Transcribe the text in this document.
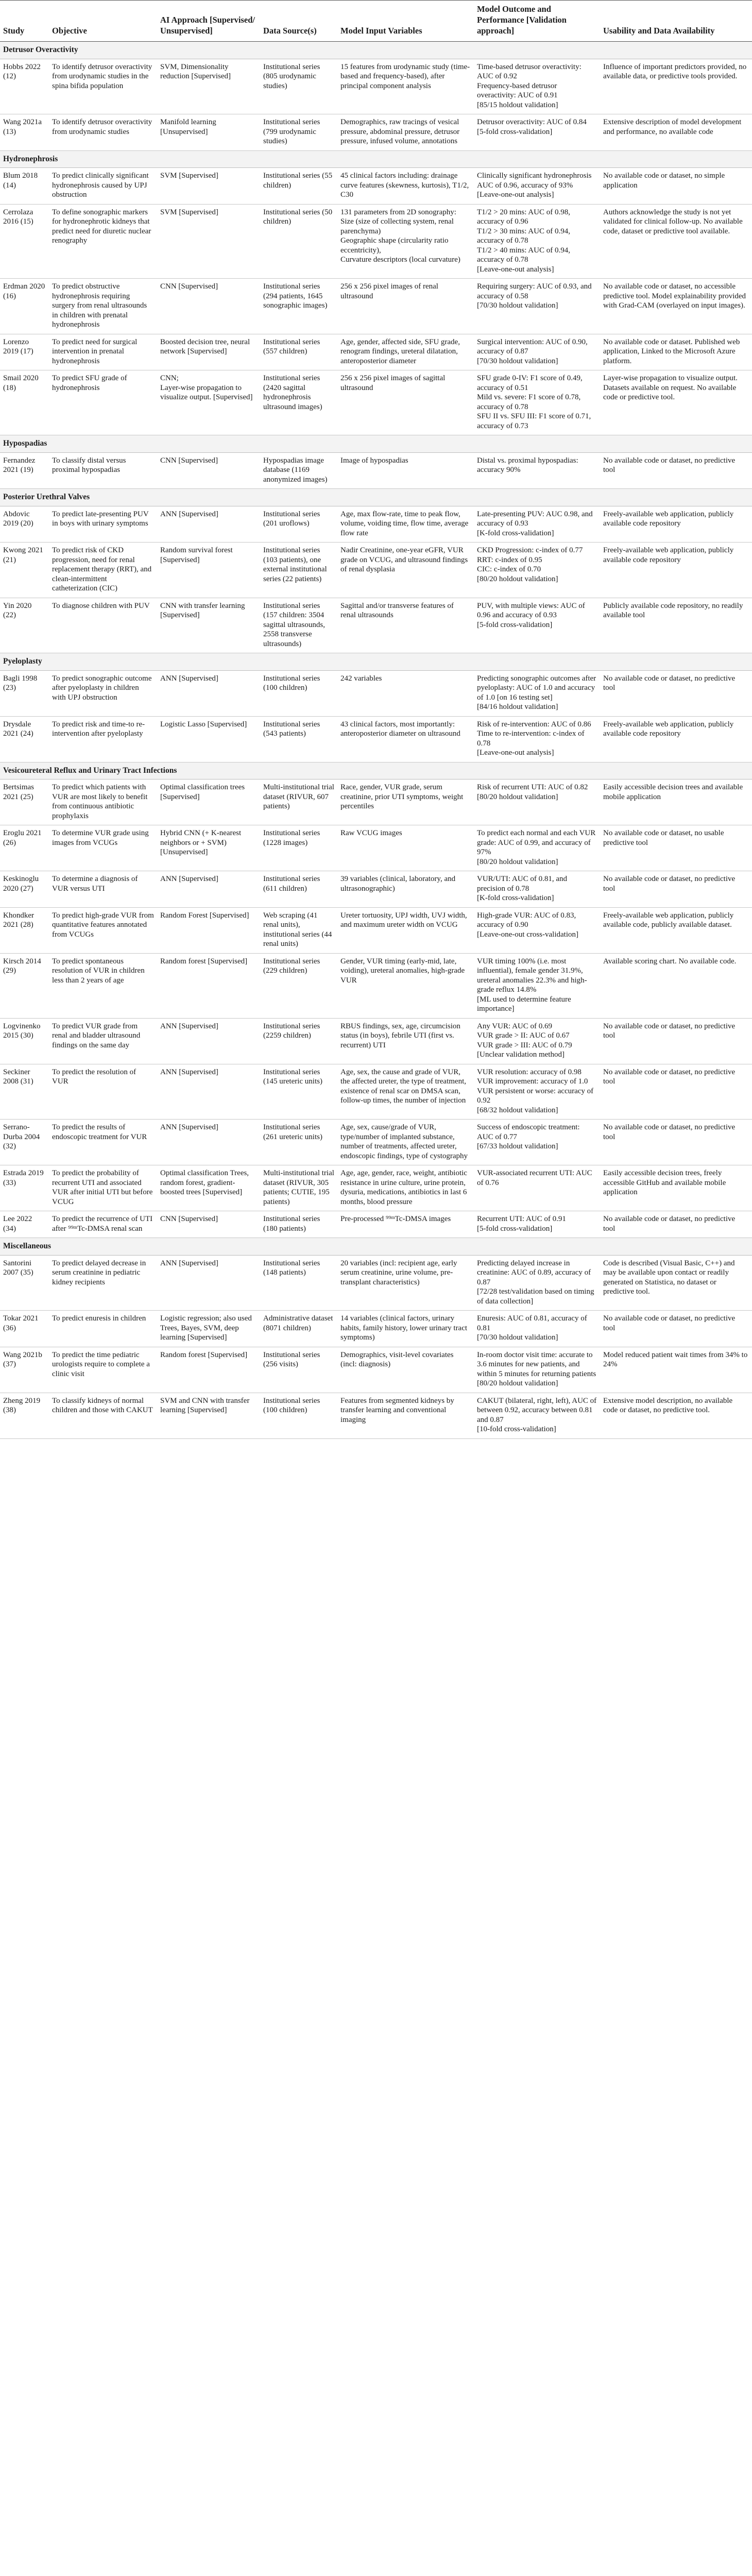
Study	Objective	AI Approach [Supervised/ Unsupervised]	Data Source(s)	Model Input Variables	Model Outcome and Performance [Validation approach]	Usability and Data Availability
Detrusor Overactivity						

Hobbs 2022 (12)	To identify detrusor overactivity from urodynamic studies in the spina bifida population	SVM, Dimensionality reduction [Supervised]	Institutional series (805 urodynamic studies)	15 features from urodynamic study (time-based and frequency-based), after principal component analysis	Time-based detrusor overactivity: AUC of 0.92
Frequency-based detrusor overactivity: AUC of 0.91
[85/15 holdout validation]	Influence of important predictors provided, no available data, or predictive tools provided.

Wang 2021a (13)	To identify detrusor overactivity from urodynamic studies	Manifold learning [Unsupervised]	Institutional series (799 urodynamic studies)	Demographics, raw tracings of vesical pressure, abdominal pressure, detrusor pressure, infused volume, annotations	Detrusor overactivity: AUC of 0.84
[5-fold cross-validation]	Extensive description of model development and performance, no available code

Hydronephrosis						

Blum 2018 (14)	To predict clinically significant hydronephrosis caused by UPJ obstruction	SVM [Supervised]	Institutional series (55 children)	45 clinical factors including: drainage curve features (skewness, kurtosis), T1/2, C30	Clinically significant hydronephrosis AUC of 0.96, accuracy of 93%
[Leave-one-out analysis]	No available code or dataset, no simple application

Cerrolaza 2016 (15)	To define sonographic markers for hydronephrotic kidneys that predict need for diuretic nuclear renography	SVM [Supervised]	Institutional series (50 children)	131 parameters from 2D sonography:
Size (size of collecting system, renal parenchyma)
Geographic shape (circularity ratio eccentricity),
Curvature descriptors (local curvature)	T1/2 > 20 mins: AUC of 0.98, accuracy of 0.96
T1/2 > 30 mins: AUC of 0.94, accuracy of 0.78
T1/2 > 40 mins: AUC of 0.94, accuracy of 0.78
[Leave-one-out analysis]	Authors acknowledge the study is not yet validated for clinical follow-up. No available code, dataset or predictive tool available.

Erdman 2020 (16)	To predict obstructive hydronephrosis requiring surgery from renal ultrasounds in children with prenatal hydronephrosis	CNN [Supervised]	Institutional series (294 patients, 1645 sonographic images)	256 x 256 pixel images of renal ultrasound	Requiring surgery: AUC of 0.93, and accuracy of 0.58
[70/30 holdout validation]	No available code or dataset, no accessible predictive tool. Model explainability provided with Grad-CAM (overlayed on input images).

Lorenzo 2019 (17)	To predict need for surgical intervention in prenatal hydronephrosis	Boosted decision tree, neural network [Supervised]	Institutional series (557 children)	Age, gender, affected side, SFU grade, renogram findings, ureteral dilatation, anteroposterior diameter	Surgical intervention: AUC of 0.90, accuracy of 0.87
[70/30 holdout validation]	No available code or dataset. Published web application, Linked to the Microsoft Azure platform.

Smail 2020 (18)	To predict SFU grade of hydronephrosis	CNN;
Layer-wise propagation to visualize output. [Supervised]	Institutional series (2420 sagittal hydronephrosis ultrasound images)	256 x 256 pixel images of sagittal ultrasound	SFU grade 0-IV: F1 score of 0.49, accuracy of 0.51
Mild vs. severe: F1 score of 0.78, accuracy of 0.78
SFU II vs. SFU III: F1 score of 0.71, accuracy of 0.73	Layer-wise propagation to visualize output. Datasets available on request. No available code or predictive tool.

Hypospadias						

Fernandez 2021 (19)	To classify distal versus proximal hypospadias	CNN [Supervised]	Hypospadias image database (1169 anonymized images)	Image of hypospadias	Distal vs. proximal hypospadias: accuracy 90%	No available code or dataset, no predictive tool

Posterior Urethral Valves						

Abdovic 2019 (20)	To predict late-presenting PUV in boys with urinary symptoms	ANN [Supervised]	Institutional series (201 uroflows)	Age, max flow-rate, time to peak flow, volume, voiding time, flow time, average flow rate	Late-presenting PUV: AUC 0.98, and accuracy of 0.93
[K-fold cross-validation]	Freely-available web application, publicly available code repository

Kwong 2021 (21)	To predict risk of CKD progression, need for renal replacement therapy (RRT), and clean-intermittent catheterization (CIC)	Random survival forest [Supervised]	Institutional series (103 patients), one external institutional series (22 patients)	Nadir Creatinine, one-year eGFR, VUR grade on VCUG, and ultrasound findings of renal dysplasia	CKD Progression: c-index of 0.77
RRT: c-index of 0.95
CIC: c-index of 0.70
[80/20 holdout validation]	Freely-available web application, publicly available code repository

Yin 2020 (22)	To diagnose children with PUV	CNN with transfer learning [Supervised]	Institutional series (157 children: 3504 sagittal ultrasounds, 2558 transverse ultrasounds)	Sagittal and/or transverse features of renal ultrasounds	PUV, with multiple views: AUC of 0.96 and accuracy of 0.93
[5-fold cross-validation]	Publicly available code repository, no readily available tool

Pyeloplasty						

Bagli 1998 (23)	To predict sonographic outcome after pyeloplasty in children with UPJ obstruction	ANN [Supervised]	Institutional series (100 children)	242 variables	Predicting sonographic outcomes after pyeloplasty: AUC of 1.0 and accuracy of 1.0 [on 16 testing set]
[84/16 holdout validation]	No available code or dataset, no predictive tool

Drysdale 2021 (24)	To predict risk and time-to re-intervention after pyeloplasty	Logistic Lasso [Supervised]	Institutional series (543 patients)	43 clinical factors, most importantly: anteroposterior diameter on ultrasound	Risk of re-intervention: AUC of 0.86
Time to re-intervention: c-index of 0.78
[Leave-one-out analysis]	Freely-available web application, publicly available code repository

Vesicoureteral Reflux and Urinary Tract Infections						

Bertsimas 2021 (25)	To predict which patients with VUR are most likely to benefit from continuous antibiotic prophylaxis	Optimal classification trees [Supervised]	Multi-institutional trial dataset (RIVUR, 607 patients)	Race, gender, VUR grade, serum creatinine, prior UTI symptoms, weight percentiles	Risk of recurrent UTI: AUC of 0.82
[80/20 holdout validation]	Easily accessible decision trees and available mobile application

Eroglu 2021 (26)	To determine VUR grade using images from VCUGs	Hybrid CNN (+ K-nearest neighbors or + SVM) [Unsupervised]	Institutional series (1228 images)	Raw VCUG images	To predict each normal and each VUR grade: AUC of 0.99, and accuracy of 97%
[80/20 holdout validation]	No available code or dataset, no usable predictive tool

Keskinoglu 2020 (27)	To determine a diagnosis of VUR versus UTI	ANN [Supervised]	Institutional series (611 children)	39 variables (clinical, laboratory, and ultrasonographic)	VUR/UTI: AUC of 0.81, and precision of 0.78
[K-fold cross-validation]	No available code or dataset, no predictive tool

Khondker 2021 (28)	To predict high-grade VUR from quantitative features annotated from VCUGs	Random Forest [Supervised]	Web scraping (41 renal units), institutional series (44 renal units)	Ureter tortuosity, UPJ width, UVJ width, and maximum ureter width on VCUG	High-grade VUR: AUC of 0.83, accuracy of 0.90
[Leave-one-out cross-validation]	Freely-available web application, publicly available code, publicly available dataset.

Kirsch 2014 (29)	To predict spontaneous resolution of VUR in children less than 2 years of age	Random forest [Supervised]	Institutional series (229 children)	Gender, VUR timing (early-mid, late, voiding), ureteral anomalies, high-grade VUR	VUR timing 100% (i.e. most influential), female gender 31.9%, ureteral anomalies 22.3% and high-grade reflux 14.8%
[ML used to determine feature importance]	Available scoring chart. No available code.

Logvinenko 2015 (30)	To predict VUR grade from renal and bladder ultrasound findings on the same day	ANN [Supervised]	Institutional series (2259 children)	RBUS findings, sex, age, circumcision status (in boys), febrile UTI (first vs. recurrent) UTI	Any VUR: AUC of 0.69
VUR grade > II: AUC of 0.67
VUR grade > III: AUC of 0.79
[Unclear validation method]	No available code or dataset, no predictive tool

Seckiner 2008 (31)	To predict the resolution of VUR	ANN [Supervised]	Institutional series (145 ureteric units)	Age, sex, the cause and grade of VUR, the affected ureter, the type of treatment, existence of renal scar on DMSA scan, follow-up times, the number of injection	VUR resolution: accuracy of 0.98
VUR improvement: accuracy of 1.0
VUR persistent or worse: accuracy of 0.92
[68/32 holdout validation]	No available code or dataset, no predictive tool

Serrano-Durba 2004 (32)	To predict the results of endoscopic treatment for VUR	ANN [Supervised]	Institutional series (261 ureteric units)	Age, sex, cause/grade of VUR, type/number of implanted substance, number of treatments, affected ureter, endoscopic findings, type of cystography	Success of endoscopic treatment: AUC of 0.77
[67/33 holdout validation]	No available code or dataset, no predictive tool

Estrada 2019 (33)	To predict the probability of recurrent UTI and associated VUR after initial UTI but before VCUG	Optimal classification Trees, random forest, gradient-boosted trees [Supervised]	Multi-institutional trial dataset (RIVUR, 305 patients; CUTIE, 195 patients)	Age, age, gender, race, weight, antibiotic resistance in urine culture, urine protein, dysuria, medications, antibiotics in last 6 months, blood pressure	VUR-associated recurrent UTI: AUC of 0.76	Easily accessible decision trees, freely accessible GitHub and available mobile application

Lee 2022 (34)	To predict the recurrence of UTI after ⁹⁹ᵐTc-DMSA renal scan	CNN [Supervised]	Institutional series (180 patients)	Pre-processed ⁹⁹ᵐTc-DMSA images	Recurrent UTI: AUC of 0.91
[5-fold cross-validation]	No available code or dataset, no predictive tool

Miscellaneous						

Santorini 2007 (35)	To predict delayed decrease in serum creatinine in pediatric kidney recipients	ANN [Supervised]	Institutional series (148 patients)	20 variables (incl: recipient age, early serum creatinine, urine volume, pre-transplant characteristics)	Predicting delayed increase in creatinine: AUC of 0.89, accuracy of 0.87
[72/28 test/validation based on timing of data collection]	Code is described (Visual Basic, C++) and may be available upon contact or readily generated on Statistica, no dataset or predictive tool.

Tokar 2021 (36)	To predict enuresis in children	Logistic regression; also used Trees, Bayes, SVM, deep learning [Supervised]	Administrative dataset (8071 children)	14 variables (clinical factors, urinary habits, family history, lower urinary tract symptoms)	Enuresis: AUC of 0.81, accuracy of 0.81
[70/30 holdout validation]	No available code or dataset, no predictive tool

Wang 2021b (37)	To predict the time pediatric urologists require to complete a clinic visit	Random forest [Supervised]	Institutional series (256 visits)	Demographics, visit-level covariates (incl: diagnosis)	In-room doctor visit time: accurate to 3.6 minutes for new patients, and within 5 minutes for returning patients
[80/20 holdout validation]	Model reduced patient wait times from 34% to 24%

Zheng 2019 (38)	To classify kidneys of normal children and those with CAKUT	SVM and CNN with transfer learning [Supervised]	Institutional series (100 children)	Features from segmented kidneys by transfer learning and conventional imaging	CAKUT (bilateral, right, left), AUC of between 0.92, accuracy between 0.81 and 0.87
[10-fold cross-validation]	Extensive model description, no available code or dataset, no predictive tool.
